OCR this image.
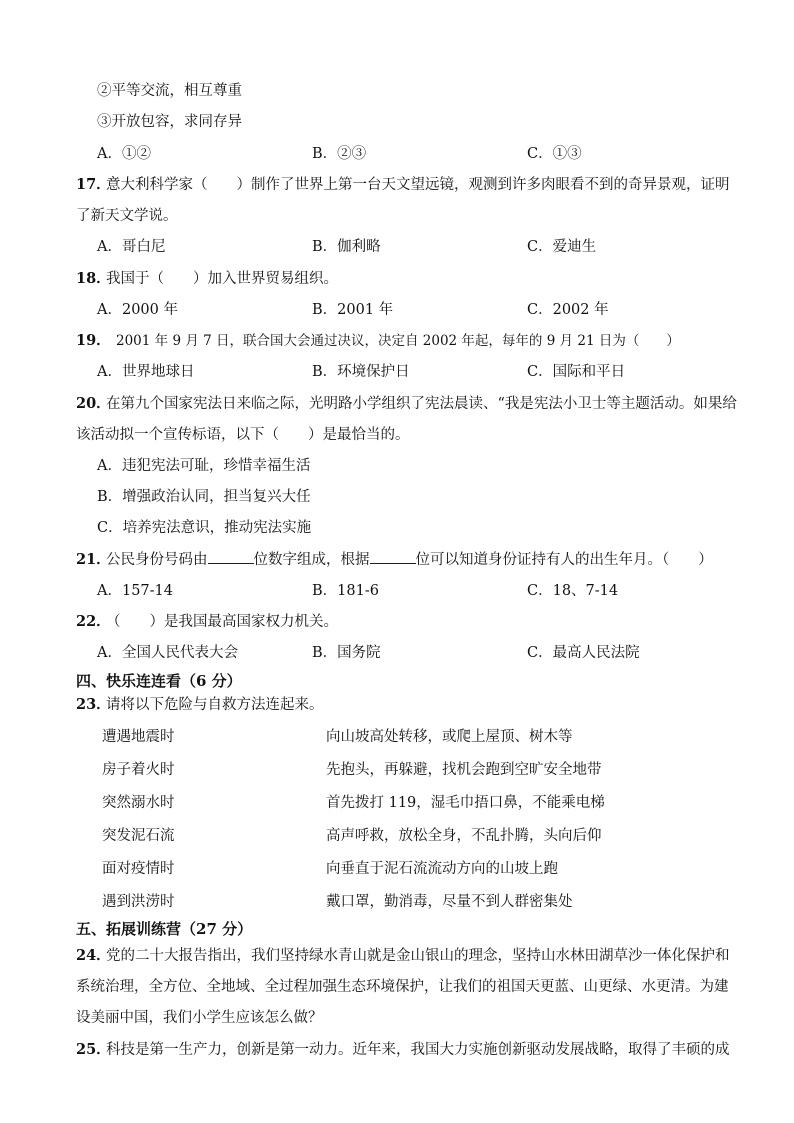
②平等交流，相互尊重
③开放包容，求同存异
A．①②	B．②③	C．①③
17．
意大利科学家（　　）制作了世界上第一台天文望远镜，观测到许多肉眼看不到的奇异景观，证明
了新天文学说。
A．哥白尼	B．伽利略	C．爱迪生
18．
我国于（　　）加入世界贸易组织。
A．2000 年	B．2001 年	C．2002 年
19． 2001 年 9 月 7 日，联合国大会通过决议，决定自 2002 年起，每年的 9 月 21 日为（　　）
A．世界地球日	B．环境保护日	C．国际和平日
20．
在第九个国家宪法日来临之际，光明路小学组织了宪法晨读、“我是宪法小卫士等主题活动。如果给
该活动拟一个宣传标语，以下（　　）是最恰当的。
A．违犯宪法可耻，珍惜幸福生活
B．增强政治认同，担当复兴大任
C．培养宪法意识，推动宪法实施
21．
公民身份号码由	位数字组成，根据	位可以知道身份证持有人的出生年月。（　　）
A．157-14	B．181-6	C．18、7-14
22．
（　　）是我国最高国家权力机关。
A．全国人民代表大会	B．国务院	C．最高人民法院
四、快乐连连看（6 分）
23．
请将以下危险与自救方法连起来。
遭遇地震时	向山坡高处转移，或爬上屋顶、树木等
房子着火时	先抱头，再躲避，找机会跑到空旷安全地带
突然溺水时	首先拨打 119，湿毛巾捂口鼻，不能乘电梯
突发泥石流	高声呼救，放松全身，不乱扑腾，头向后仰
面对疫情时	向垂直于泥石流流动方向的山坡上跑
遇到洪涝时	戴口罩，勤消毒，尽量不到人群密集处
五、拓展训练营（27 分）
24．
党的二十大报告指出，我们坚持绿水青山就是金山银山的理念，坚持山水林田湖草沙一体化保护和
系统治理，全方位、全地域、全过程加强生态环境保护，让我们的祖国天更蓝、山更绿、水更清。为建
设美丽中国，我们小学生应该怎么做？
25．
科技是第一生产力，创新是第一动力。近年来，我国大力实施创新驱动发展战略，取得了丰硕的成
